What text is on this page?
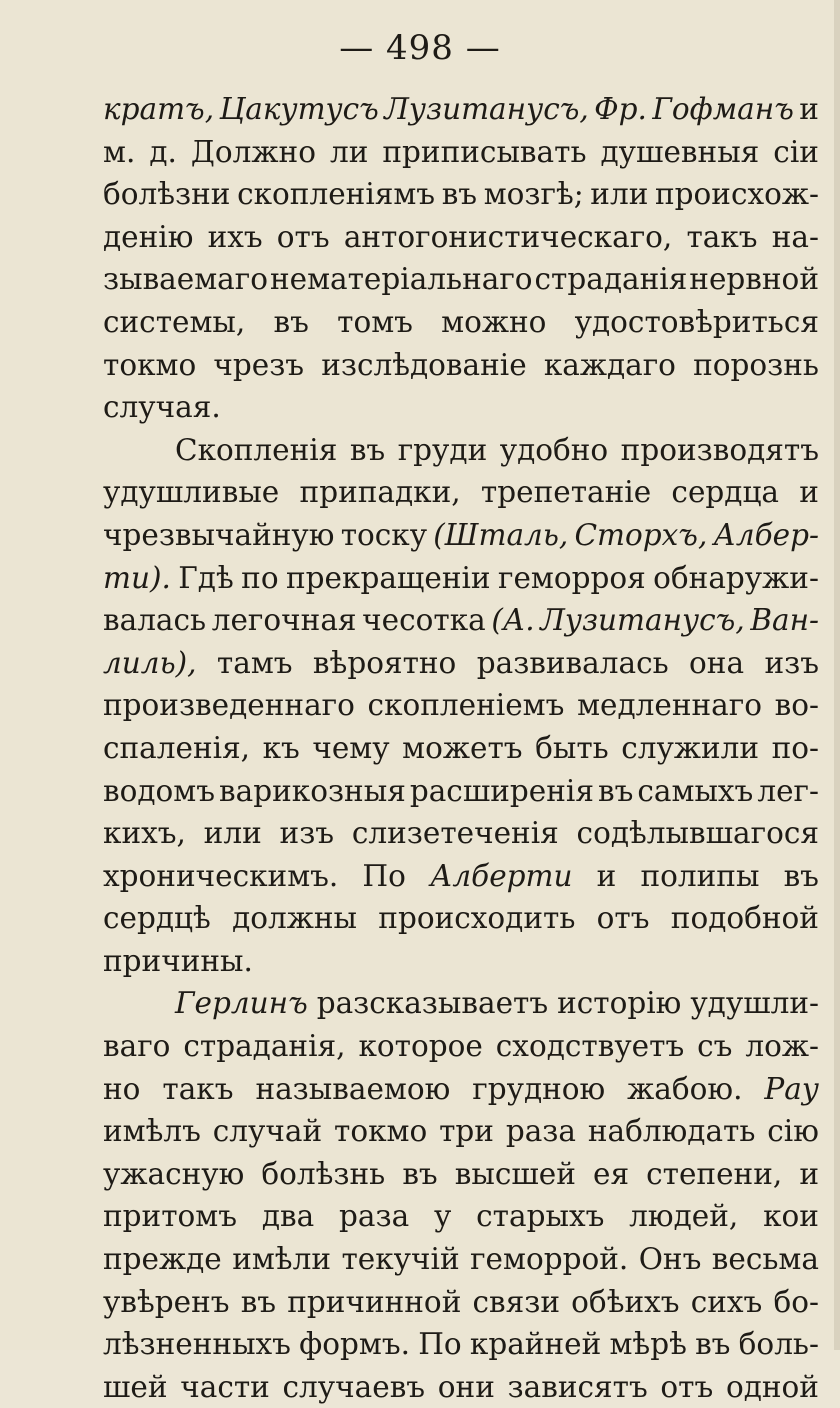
— 498 —
кратъ, Цакутусъ Лузитанусъ, Фр. Гофманъ и
м. д. Должно ли приписывать душевныя сіи
болѣзни скопленіямъ въ мозгѣ; или происхож-
денію ихъ отъ антогонистическаго, такъ на-
зываемаго нематеріальнаго страданія нервной
системы, въ томъ можно удостовѣриться
токмо чрезъ изслѣдованіе каждаго порознь
случая.
Скопленія въ груди удобно производятъ
удушливые припадки, трепетаніе сердца и
чрезвычайную тоску (Шталь, Сторхъ, Албер-
ти). Гдѣ по прекращеніи геморроя обнаружи-
валась легочная чесотка (А. Лузитанусъ, Ван-
лиль), тамъ вѣроятно развивалась она изъ
произведеннаго скопленіемъ медленнаго во-
спаленія, къ чему можетъ быть служили по-
водомъ варикозныя расширенія въ самыхъ лег-
кихъ, или изъ слизетеченія содѣлывшагося
хроническимъ. По Алберти и полипы въ
сердцѣ должны происходить отъ подобной
причины.
Герлинъ разсказываетъ исторію удушли-
ваго страданія, которое сходствуетъ съ лож-
но такъ называемою грудною жабою. Рау
имѣлъ случай токмо три раза наблюдать сію
ужасную болѣзнь въ высшей ея степени, и
притомъ два раза у старыхъ людей, кои
прежде имѣли текучій геморрой. Онъ весьма
увѣренъ въ причинной связи обѣихъ сихъ бо-
лѣзненныхъ формъ. По крайней мѣрѣ въ боль-
шей части случаевъ они зависятъ отъ одной
